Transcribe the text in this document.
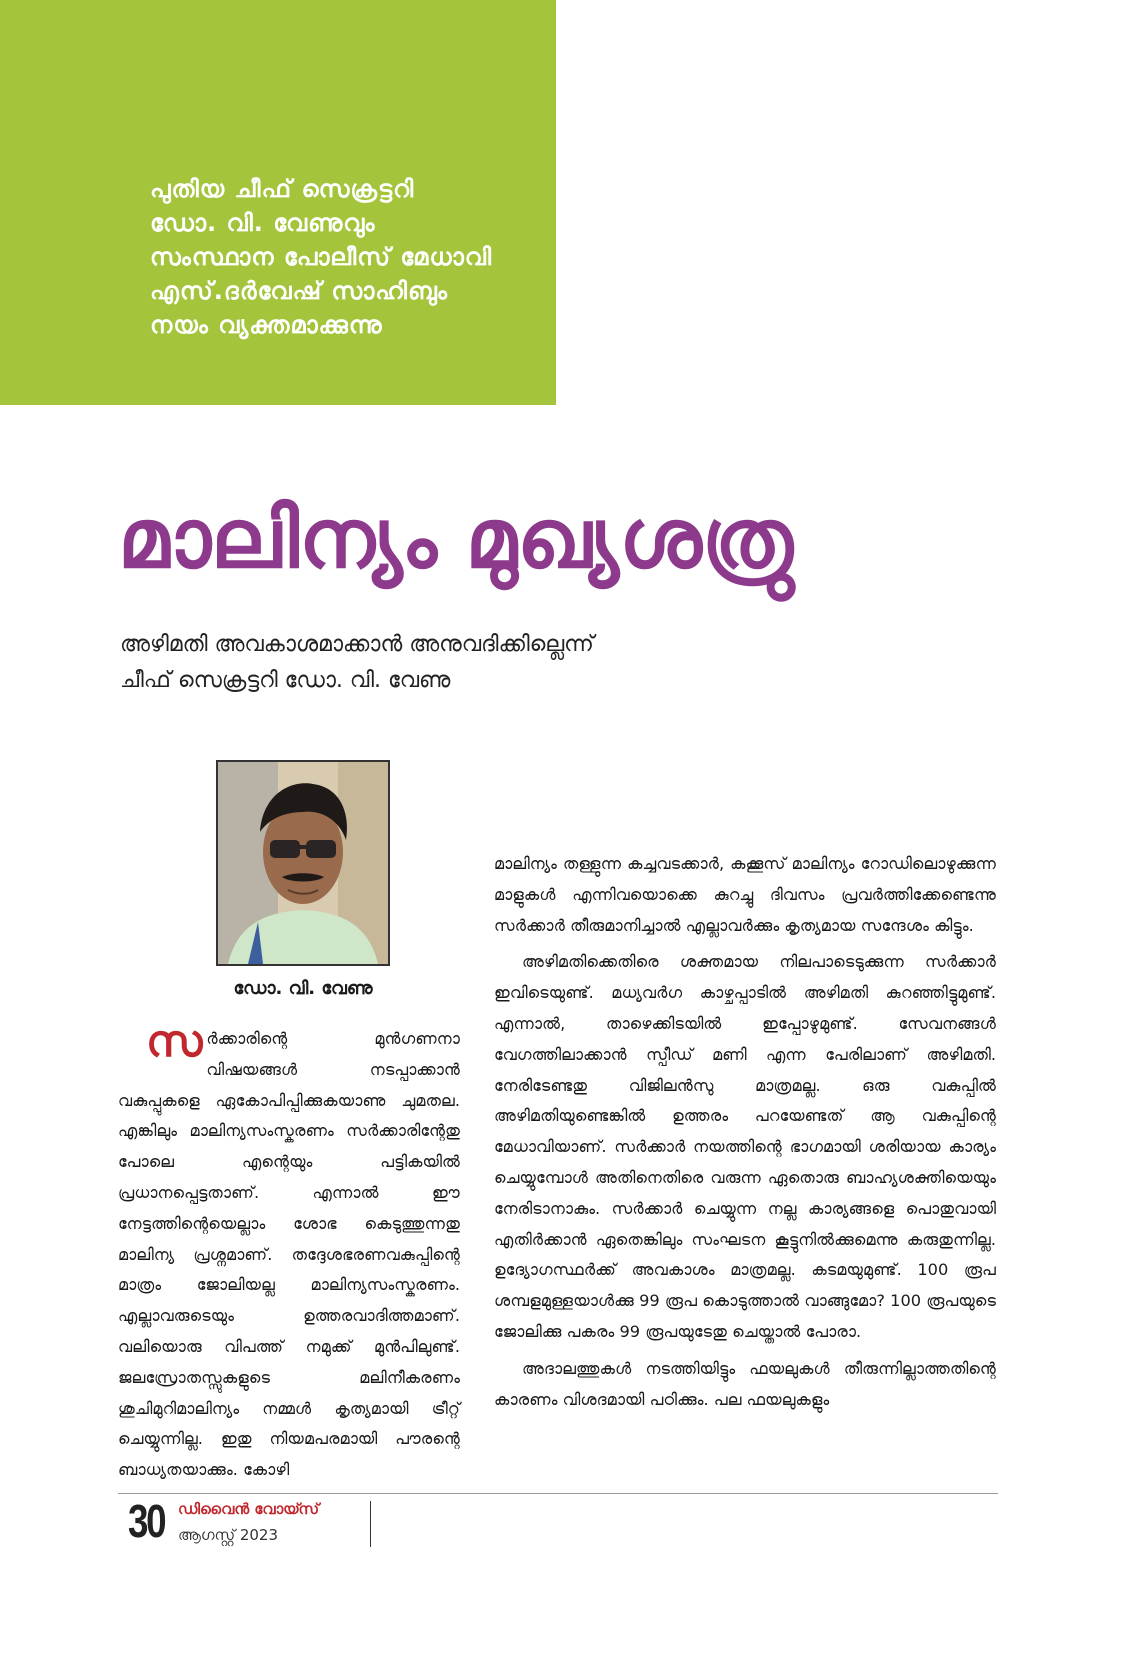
പുതിയ ചീഫ് സെക്രട്ടറി
ഡോ. വി. വേണുവും
സംസ്ഥാന പോലീസ് മേധാവി
എസ്.ദർവേഷ് സാഹിബും
നയം വ്യക്തമാക്കുന്നു
മാലിന്യം മുഖ്യശത്രു
അഴിമതി അവകാശമാക്കാൻ അനുവദിക്കില്ലെന്ന്
ചീഫ് സെക്രട്ടറി ഡോ. വി. വേണു
ഡോ. വി. വേണു

സർക്കാരിന്റെ മുൻഗണനാ വിഷയങ്ങൾ നടപ്പാക്കാൻ വകുപ്പുകളെ ഏകോപിപ്പിക്കുകയാണു ചുമതല. എങ്കിലും മാലിന്യസംസ്കരണം സർക്കാരിന്റേതു പോലെ എന്റെയും പട്ടികയിൽ പ്രധാനപ്പെട്ടതാണ്. എന്നാൽ ഈ നേട്ടത്തിന്റെയെല്ലാം ശോഭ കെടുത്തുന്നതു മാലിന്യ പ്രശ്നമാണ്. തദ്ദേശഭരണവകുപ്പിന്റെ മാത്രം ജോലിയല്ല മാലിന്യസംസ്കരണം. എല്ലാവരുടെയും ഉത്തരവാദിത്തമാണ്. വലിയൊരു വിപത്ത് നമുക്ക് മുൻപിലുണ്ട്. ജലസ്രോതസ്സുകളുടെ മലിനീകരണം ശുചിമുറിമാലിന്യം നമ്മൾ കൃത്യമായി ട്രീറ്റ് ചെയ്യുന്നില്ല. ഇതു നിയമപരമായി പൗരന്റെ ബാധ്യതയാക്കും. കോഴി

മാലിന്യം തള്ളുന്ന കച്ചവടക്കാർ, കക്കൂസ് മാലിന്യം റോഡിലൊഴുക്കുന്ന മാളുകൾ എന്നിവയൊക്കെ കുറച്ചു ദിവസം പ്രവർത്തിക്കേണ്ടെന്നു സർക്കാർ തീരുമാനിച്ചാൽ എല്ലാവർക്കും കൃത്യമായ സന്ദേശം കിട്ടും.

അഴിമതിക്കെതിരെ ശക്തമായ നിലപാടെടുക്കുന്ന സർക്കാർ ഇവിടെയുണ്ട്. മധ്യവർഗ കാഴ്ചപ്പാടിൽ അഴിമതി കുറഞ്ഞിട്ടുമുണ്ട്. എന്നാൽ, താഴെക്കിടയിൽ ഇപ്പോഴുമുണ്ട്. സേവനങ്ങൾ വേഗത്തിലാക്കാൻ സ്പീഡ് മണി എന്ന പേരിലാണ് അഴിമതി. നേരിടേണ്ടതു വിജിലൻസു മാത്രമല്ല. ഒരു വകുപ്പിൽ അഴിമതിയുണ്ടെങ്കിൽ ഉത്തരം പറയേണ്ടത് ആ വകുപ്പിന്റെ മേധാവിയാണ്. സർക്കാർ നയത്തിന്റെ ഭാഗമായി ശരിയായ കാര്യം ചെയ്യുമ്പോൾ അതിനെതിരെ വരുന്ന ഏതൊരു ബാഹ്യശക്തിയെയും നേരിടാനാകും. സർക്കാർ ചെയ്യുന്ന നല്ല കാര്യങ്ങളെ പൊതുവായി എതിർക്കാൻ ഏതെങ്കിലും സംഘടന കൂട്ടുനിൽക്കുമെന്നു കരുതുന്നില്ല. ഉദ്യോഗസ്ഥർക്ക് അവകാശം മാത്രമല്ല. കടമയുമുണ്ട്. 100 രൂപ ശമ്പളമുള്ളയാൾക്കു 99 രൂപ കൊടുത്താൽ വാങ്ങുമോ? 100 രൂപയുടെ ജോലിക്കു പകരം 99 രൂപയുടേതു ചെയ്താൽ പോരാ.

അദാലത്തുകൾ നടത്തിയിട്ടും ഫയലുകൾ തീരുന്നില്ലാത്തതിന്റെ കാരണം വിശദമായി പഠിക്കും. പല ഫയലുകളും

30 ഡിവൈൻ വോയ്സ്
ആഗസ്റ്റ് 2023
